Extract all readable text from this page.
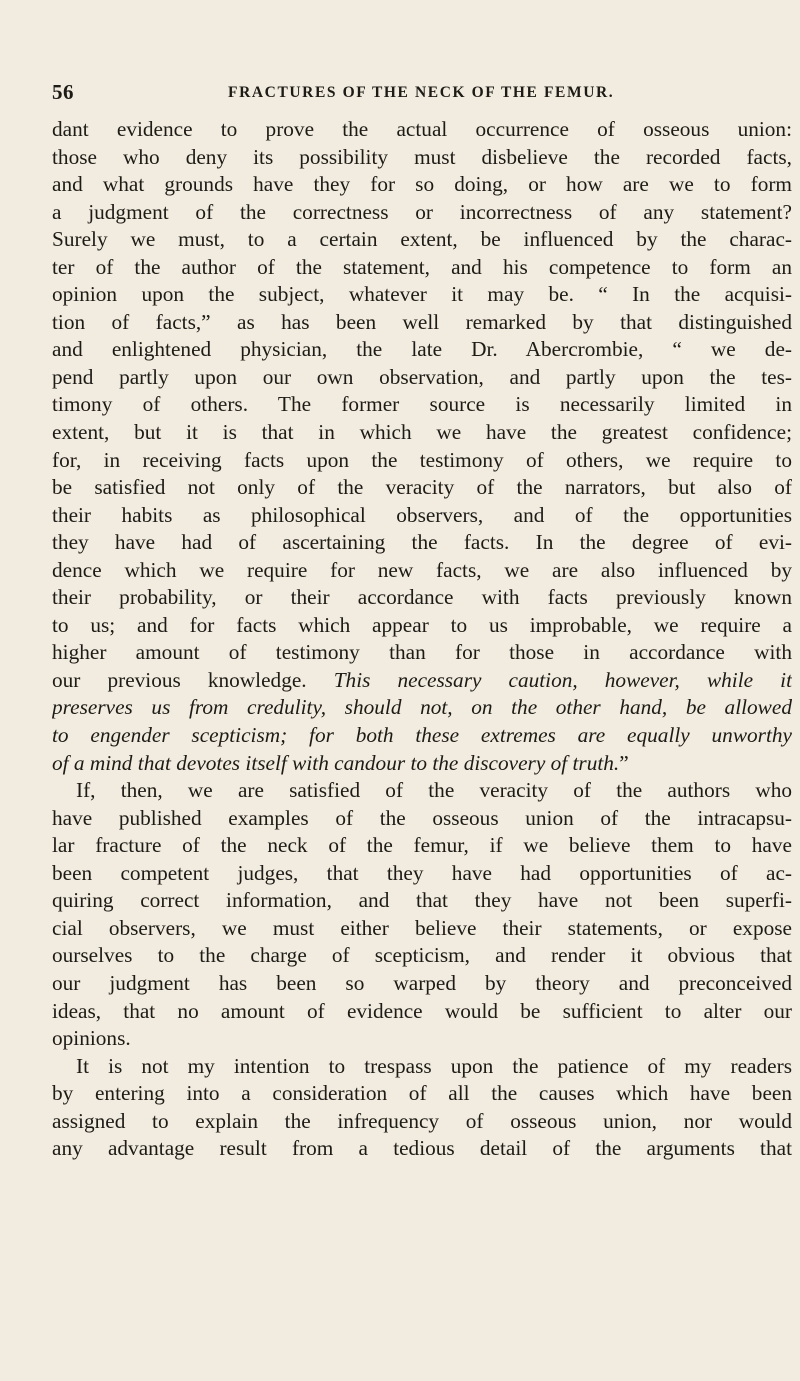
56	FRACTURES OF THE NECK OF THE FEMUR.
dant evidence to prove the actual occurrence of osseous union:
those who deny its possibility must disbelieve the recorded facts,
and what grounds have they for so doing, or how are we to form
a judgment of the correctness or incorrectness of any statement?
Surely we must, to a certain extent, be influenced by the charac-
ter of the author of the statement, and his competence to form an
opinion upon the subject, whatever it may be. “ In the acquisi-
tion of facts,” as has been well remarked by that distinguished
and enlightened physician, the late Dr. Abercrombie, “ we de-
pend partly upon our own observation, and partly upon the tes-
timony of others. The former source is necessarily limited in
extent, but it is that in which we have the greatest confidence;
for, in receiving facts upon the testimony of others, we require to
be satisfied not only of the veracity of the narrators, but also of
their habits as philosophical observers, and of the opportunities
they have had of ascertaining the facts. In the degree of evi-
dence which we require for new facts, we are also influenced by
their probability, or their accordance with facts previously known
to us; and for facts which appear to us improbable, we require a
higher amount of testimony than for those in accordance with
our previous knowledge. This necessary caution, however, while it
preserves us from credulity, should not, on the other hand, be allowed
to engender scepticism; for both these extremes are equally unworthy
of a mind that devotes itself with candour to the discovery of truth.”
If, then, we are satisfied of the veracity of the authors who
have published examples of the osseous union of the intracapsu-
lar fracture of the neck of the femur, if we believe them to have
been competent judges, that they have had opportunities of ac-
quiring correct information, and that they have not been superfi-
cial observers, we must either believe their statements, or expose
ourselves to the charge of scepticism, and render it obvious that
our judgment has been so warped by theory and preconceived
ideas, that no amount of evidence would be sufficient to alter our
opinions.
It is not my intention to trespass upon the patience of my readers
by entering into a consideration of all the causes which have been
assigned to explain the infrequency of osseous union, nor would
any advantage result from a tedious detail of the arguments that
